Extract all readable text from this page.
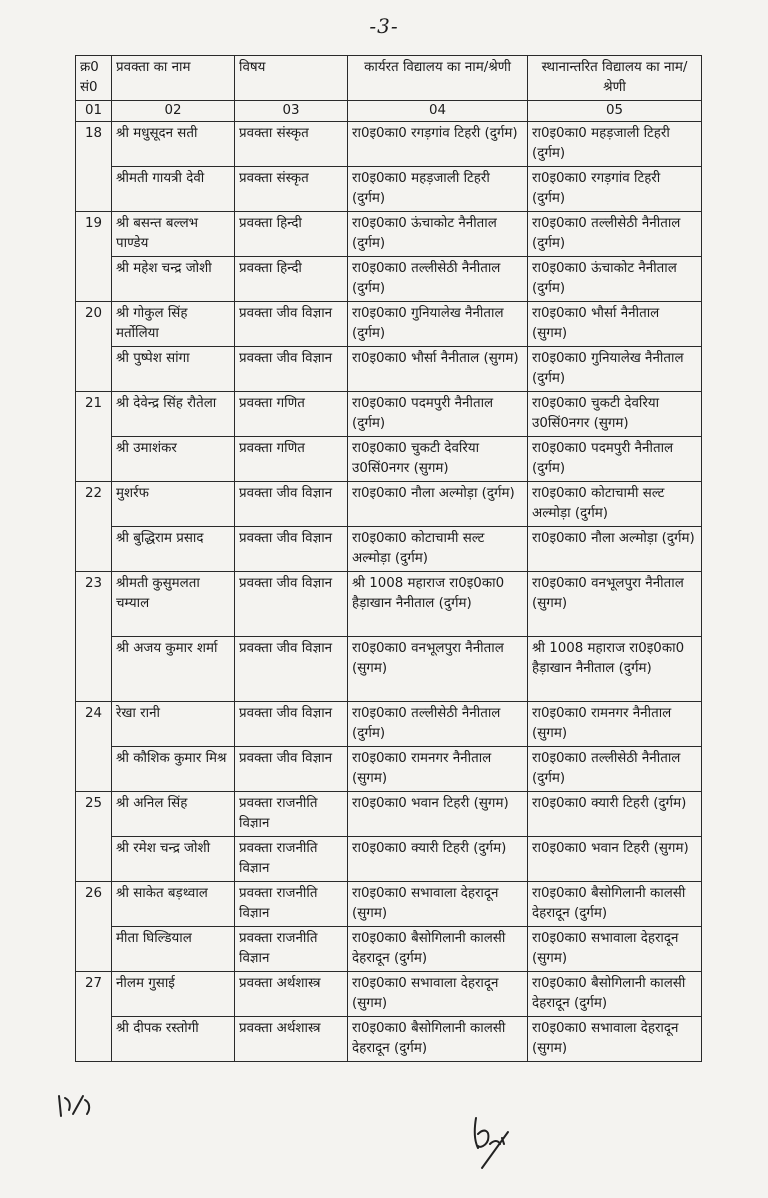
-3-
क्र0 सं0	प्रवक्ता का नाम	विषय	कार्यरत विद्यालय का नाम/श्रेणी	स्थानान्तरित विद्यालय का नाम/श्रेणी
01	02	03	04	05
18	श्री मधुसूदन सती	प्रवक्ता संस्कृत	रा0इ0का0 रगड़गांव टिहरी (दुर्गम)	रा0इ0का0 महड़जाली टिहरी (दुर्गम)
	श्रीमती गायत्री देवी	प्रवक्ता संस्कृत	रा0इ0का0 महड़जाली टिहरी (दुर्गम)	रा0इ0का0 रगड़गांव टिहरी (दुर्गम)
19	श्री बसन्त बल्लभ पाण्डेय	प्रवक्ता हिन्दी	रा0इ0का0 ऊंचाकोट नैनीताल (दुर्गम)	रा0इ0का0 तल्लीसेठी नैनीताल (दुर्गम)
	श्री महेश चन्द्र जोशी	प्रवक्ता हिन्दी	रा0इ0का0 तल्लीसेठी नैनीताल (दुर्गम)	रा0इ0का0 ऊंचाकोट नैनीताल (दुर्गम)
20	श्री गोकुल सिंह मर्तोलिया	प्रवक्ता जीव विज्ञान	रा0इ0का0 गुनियालेख नैनीताल (दुर्गम)	रा0इ0का0 भौर्सा नैनीताल (सुगम)
	श्री पुष्पेश सांगा	प्रवक्ता जीव विज्ञान	रा0इ0का0 भौर्सा नैनीताल (सुगम)	रा0इ0का0 गुनियालेख नैनीताल (दुर्गम)
21	श्री देवेन्द्र सिंह रौतेला	प्रवक्ता गणित	रा0इ0का0 पदमपुरी नैनीताल (दुर्गम)	रा0इ0का0 चुकटी देवरिया उ0सिं0नगर (सुगम)
	श्री उमाशंकर	प्रवक्ता गणित	रा0इ0का0 चुकटी देवरिया उ0सिं0नगर (सुगम)	रा0इ0का0 पदमपुरी नैनीताल (दुर्गम)
22	मुशर्रफ	प्रवक्ता जीव विज्ञान	रा0इ0का0 नौला अल्मोड़ा (दुर्गम)	रा0इ0का0 कोटाचामी सल्ट अल्मोड़ा (दुर्गम)
	श्री बुद्धिराम प्रसाद	प्रवक्ता जीव विज्ञान	रा0इ0का0 कोटाचामी सल्ट अल्मोड़ा (दुर्गम)	रा0इ0का0 नौला अल्मोड़ा (दुर्गम)
23	श्रीमती कुसुमलता चम्याल	प्रवक्ता जीव विज्ञान	श्री 1008 महाराज रा0इ0का0 हैड़ाखान नैनीताल (दुर्गम)	रा0इ0का0 वनभूलपुरा नैनीताल (सुगम)
	श्री अजय कुमार शर्मा	प्रवक्ता जीव विज्ञान	रा0इ0का0 वनभूलपुरा नैनीताल (सुगम)	श्री 1008 महाराज रा0इ0का0 हैड़ाखान नैनीताल (दुर्गम)
24	रेखा रानी	प्रवक्ता जीव विज्ञान	रा0इ0का0 तल्लीसेठी नैनीताल (दुर्गम)	रा0इ0का0 रामनगर नैनीताल (सुगम)
	श्री कौशिक कुमार मिश्र	प्रवक्ता जीव विज्ञान	रा0इ0का0 रामनगर नैनीताल (सुगम)	रा0इ0का0 तल्लीसेठी नैनीताल (दुर्गम)
25	श्री अनिल सिंह	प्रवक्ता राजनीति विज्ञान	रा0इ0का0 भवान टिहरी (सुगम)	रा0इ0का0 क्यारी टिहरी (दुर्गम)
	श्री रमेश चन्द्र जोशी	प्रवक्ता राजनीति विज्ञान	रा0इ0का0 क्यारी टिहरी (दुर्गम)	रा0इ0का0 भवान टिहरी (सुगम)
26	श्री साकेत बड़थ्वाल	प्रवक्ता राजनीति विज्ञान	रा0इ0का0 सभावाला देहरादून (सुगम)	रा0इ0का0 बैसोगिलानी कालसी देहरादून (दुर्गम)
	मीता घिल्डियाल	प्रवक्ता राजनीति विज्ञान	रा0इ0का0 बैसोगिलानी कालसी देहरादून (दुर्गम)	रा0इ0का0 सभावाला देहरादून (सुगम)
27	नीलम गुसाई	प्रवक्ता अर्थशास्त्र	रा0इ0का0 सभावाला देहरादून (सुगम)	रा0इ0का0 बैसोगिलानी कालसी देहरादून (दुर्गम)
	श्री दीपक रस्तोगी	प्रवक्ता अर्थशास्त्र	रा0इ0का0 बैसोगिलानी कालसी देहरादून (दुर्गम)	रा0इ0का0 सभावाला देहरादून (सुगम)
